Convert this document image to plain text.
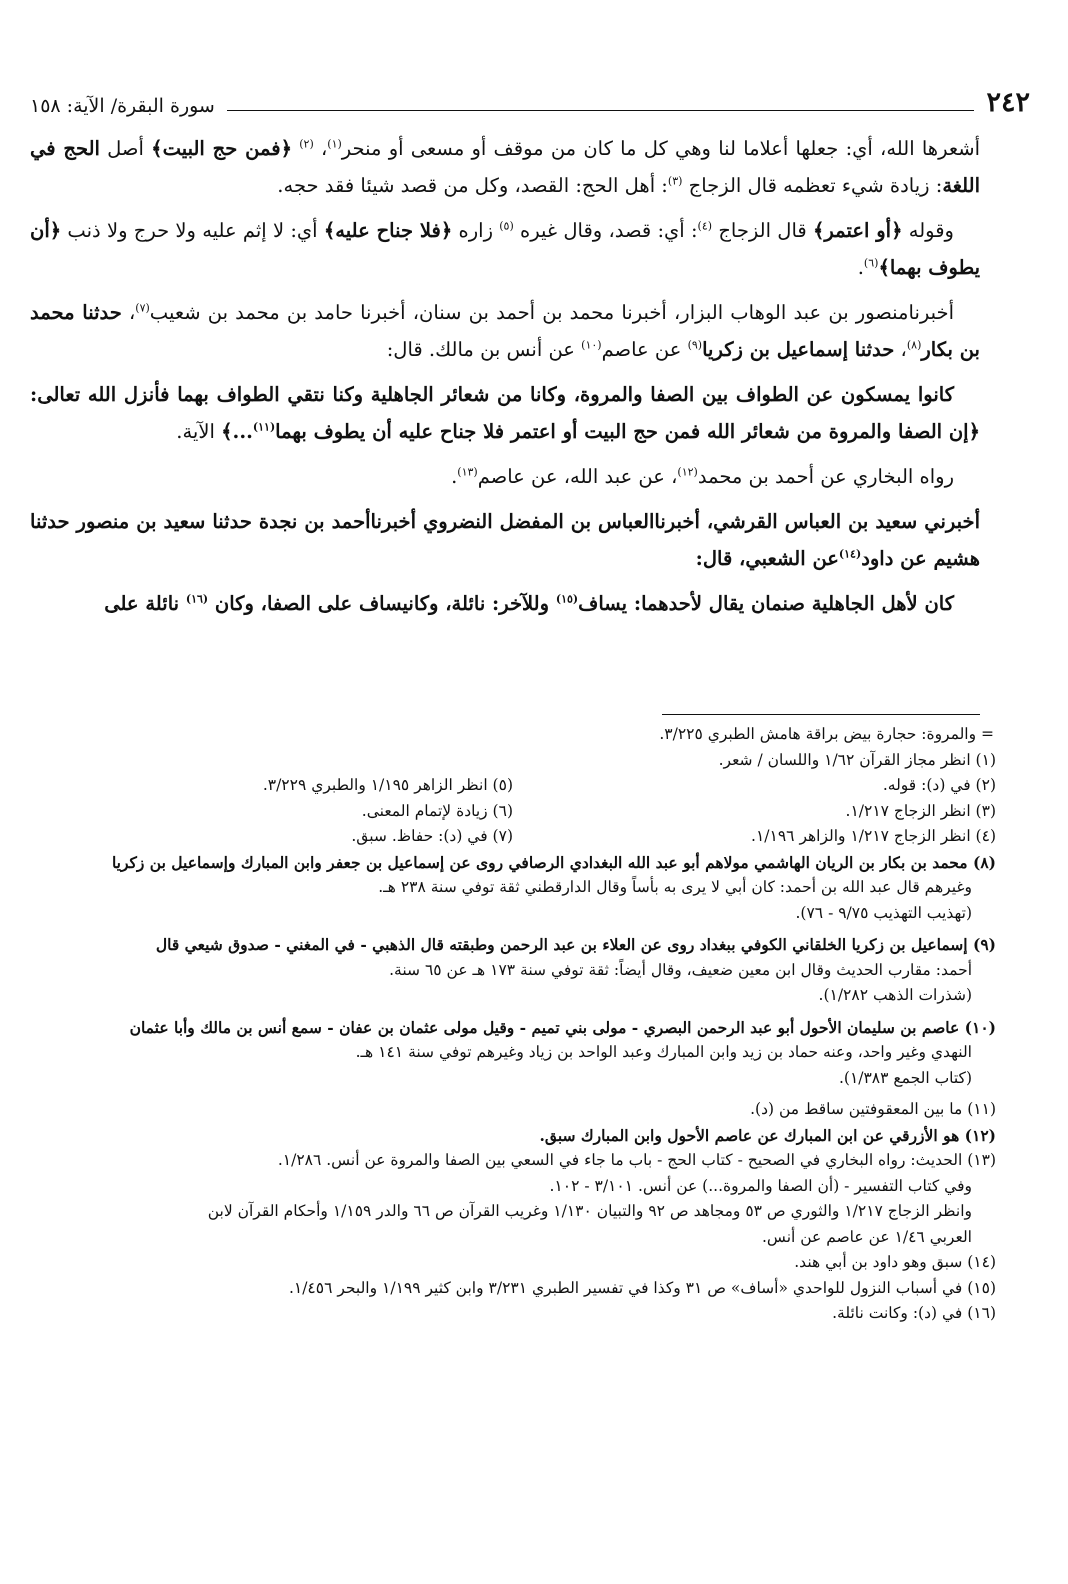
٢٤٢
سورة البقرة/ الآية: ١٥٨

أشعرها الله، أي: جعلها أعلاما لنا وهي كل ما كان من موقف أو مسعى أو منحر$^{(١)}$، $^{(٢)}$ ﴿فمن حج البيت﴾ أصل الحج في اللغة: زيادة شيء تعظمه قال الزجاج $^{(٣)}$: أهل الحج: القصد، وكل من قصد شيئا فقد حجه.

وقوله ﴿أو اعتمر﴾ قال الزجاج $^{(٤)}$: أي: قصد، وقال غيره $^{(٥)}$ زاره ﴿فلا جناح عليه﴾ أي: لا إثم عليه ولا حرج ولا ذنب ﴿أن يطوف بهما﴾$^{(٦)}$.

أخبرنامنصور بن عبد الوهاب البزار، أخبرنا محمد بن أحمد بن سنان، أخبرنا حامد بن محمد بن شعيب$^{(٧)}$، حدثنا محمد بن بكار$^{(٨)}$، حدثنا إسماعيل بن زكريا$^{(٩)}$ عن عاصم$^{(١٠)}$ عن أنس بن مالك. قال:

كانوا يمسكون عن الطواف بين الصفا والمروة، وكانا من شعائر الجاهلية وكنا نتقي الطواف بهما فأنزل الله تعالى: ﴿إن الصفا والمروة من شعائر الله فمن حج البيت أو اعتمر فلا جناح عليه أن يطوف بهما$^{(١١)}$...﴾ الآية.

رواه البخاري عن أحمد بن محمد$^{(١٢)}$، عن عبد الله، عن عاصم$^{(١٣)}$.

أخبرني سعيد بن العباس القرشي، أخبرناالعباس بن المفضل النضروي أخبرناأحمد بن نجدة حدثنا سعيد بن منصور حدثنا هشيم عن داود$^{(١٤)}$عن الشعبي، قال:

كان لأهل الجاهلية صنمان يقال لأحدهما: يساف$^{(١٥)}$ وللآخر: نائلة، وكانيساف على الصفا، وكان $^{(١٦)}$ نائلة على

= والمروة: حجارة بيض براقة هامش الطبري ٣/٢٢٥.

(١) انظر مجاز القرآن ١/٦٢ واللسان / شعر.

(٢) في (د): قوله.

(٥) انظر الزاهر ١/١٩٥ والطبري ٣/٢٢٩.

(٣) انظر الزجاج ١/٢١٧.

(٦) زيادة لإتمام المعنى.

(٤) انظر الزجاج ١/٢١٧ والزاهر ١/١٩٦.

(٧) في (د): حفاظ. سبق.

(٨) محمد بن بكار بن الريان الهاشمي مولاهم أبو عبد الله البغدادي الرصافي روى عن إسماعيل بن جعفر وابن المبارك وإسماعيل بن زكريا

وغيرهم قال عبد الله بن أحمد: كان أبي لا يرى به بأساً وقال الدارقطني ثقة توفي سنة ٢٣٨ هـ.

(تهذيب التهذيب ٩/٧٥ - ٧٦).

(٩) إسماعيل بن زكريا الخلقاني الكوفي ببغداد روى عن العلاء بن عبد الرحمن وطبقته قال الذهبي - في المغني - صدوق شيعي قال

أحمد: مقارب الحديث وقال ابن معين ضعيف، وقال أيضاً: ثقة توفي سنة ١٧٣ هـ عن ٦٥ سنة.

(شذرات الذهب ١/٢٨٢).

(١٠) عاصم بن سليمان الأحول أبو عبد الرحمن البصري - مولى بني تميم - وقيل مولى عثمان بن عفان - سمع أنس بن مالك وأبا عثمان

النهدي وغير واحد، وعنه حماد بن زيد وابن المبارك وعبد الواحد بن زياد وغيرهم توفي سنة ١٤١ هـ.

(كتاب الجمع ١/٣٨٣).

(١١) ما بين المعقوفتين ساقط من (د).

(١٢) هو الأزرقي عن ابن المبارك عن عاصم الأحول وابن المبارك سبق.

(١٣) الحديث: رواه البخاري في الصحيح - كتاب الحج - باب ما جاء في السعي بين الصفا والمروة عن أنس. ١/٢٨٦.

وفي كتاب التفسير - (أن الصفا والمروة...) عن أنس. ٣/١٠١ - ١٠٢.

وانظر الزجاج ١/٢١٧ والثوري ص ٥٣ ومجاهد ص ٩٢ والتبيان ١/١٣٠ وغريب القرآن ص ٦٦ والدر ١/١٥٩ وأحكام القرآن لابن

العربي ١/٤٦ عن عاصم عن أنس.

(١٤) سبق وهو داود بن أبي هند.

(١٥) في أسباب النزول للواحدي «أساف» ص ٣١ وكذا في تفسير الطبري ٣/٢٣١ وابن كثير ١/١٩٩ والبحر ١/٤٥٦.

(١٦) في (د): وكانت نائلة.
